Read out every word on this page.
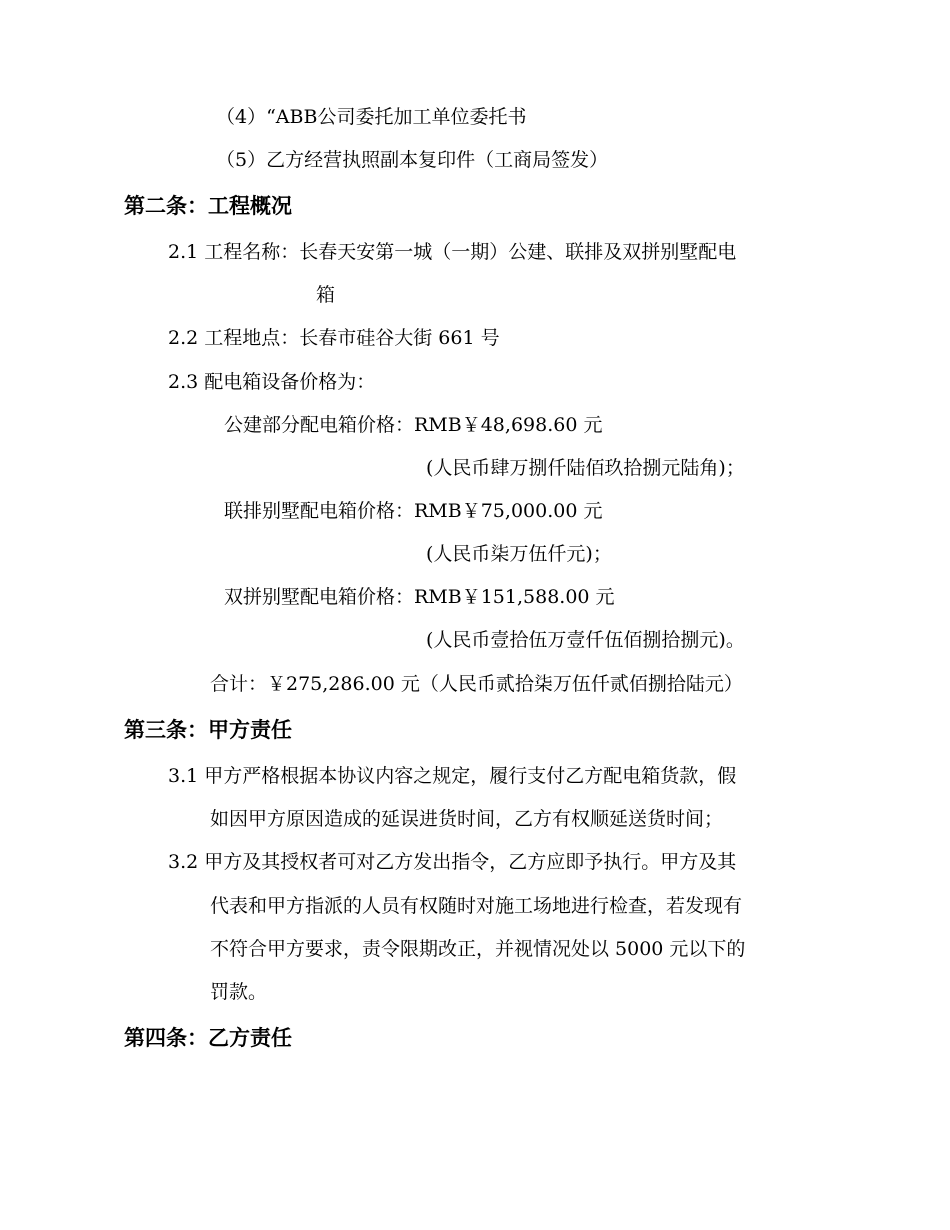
（4）“ABB公司委托加工单位委托书
（5）乙方经营执照副本复印件（工商局签发）
第二条：工程概况
2.1 工程名称：长春天安第一城（一期）公建、联排及双拼别墅配电
箱
2.2 工程地点：长春市硅谷大街 661 号
2.3 配电箱设备价格为：
公建部分配电箱价格：RMB￥48,698.60 元
(人民币肆万捌仟陆佰玖拾捌元陆角)；
联排别墅配电箱价格：RMB￥75,000.00 元
(人民币柒万伍仟元)；
双拼别墅配电箱价格：RMB￥151,588.00 元
(人民币壹拾伍万壹仟伍佰捌拾捌元)。
合计：￥275,286.00 元（人民币贰拾柒万伍仟贰佰捌拾陆元）
第三条：甲方责任
3.1 甲方严格根据本协议内容之规定，履行支付乙方配电箱货款，假
如因甲方原因造成的延误进货时间，乙方有权顺延送货时间；
3.2 甲方及其授权者可对乙方发出指令，乙方应即予执行。甲方及其
代表和甲方指派的人员有权随时对施工场地进行检查，若发现有
不符合甲方要求，责令限期改正，并视情况处以 5000 元以下的
罚款。
第四条：乙方责任
